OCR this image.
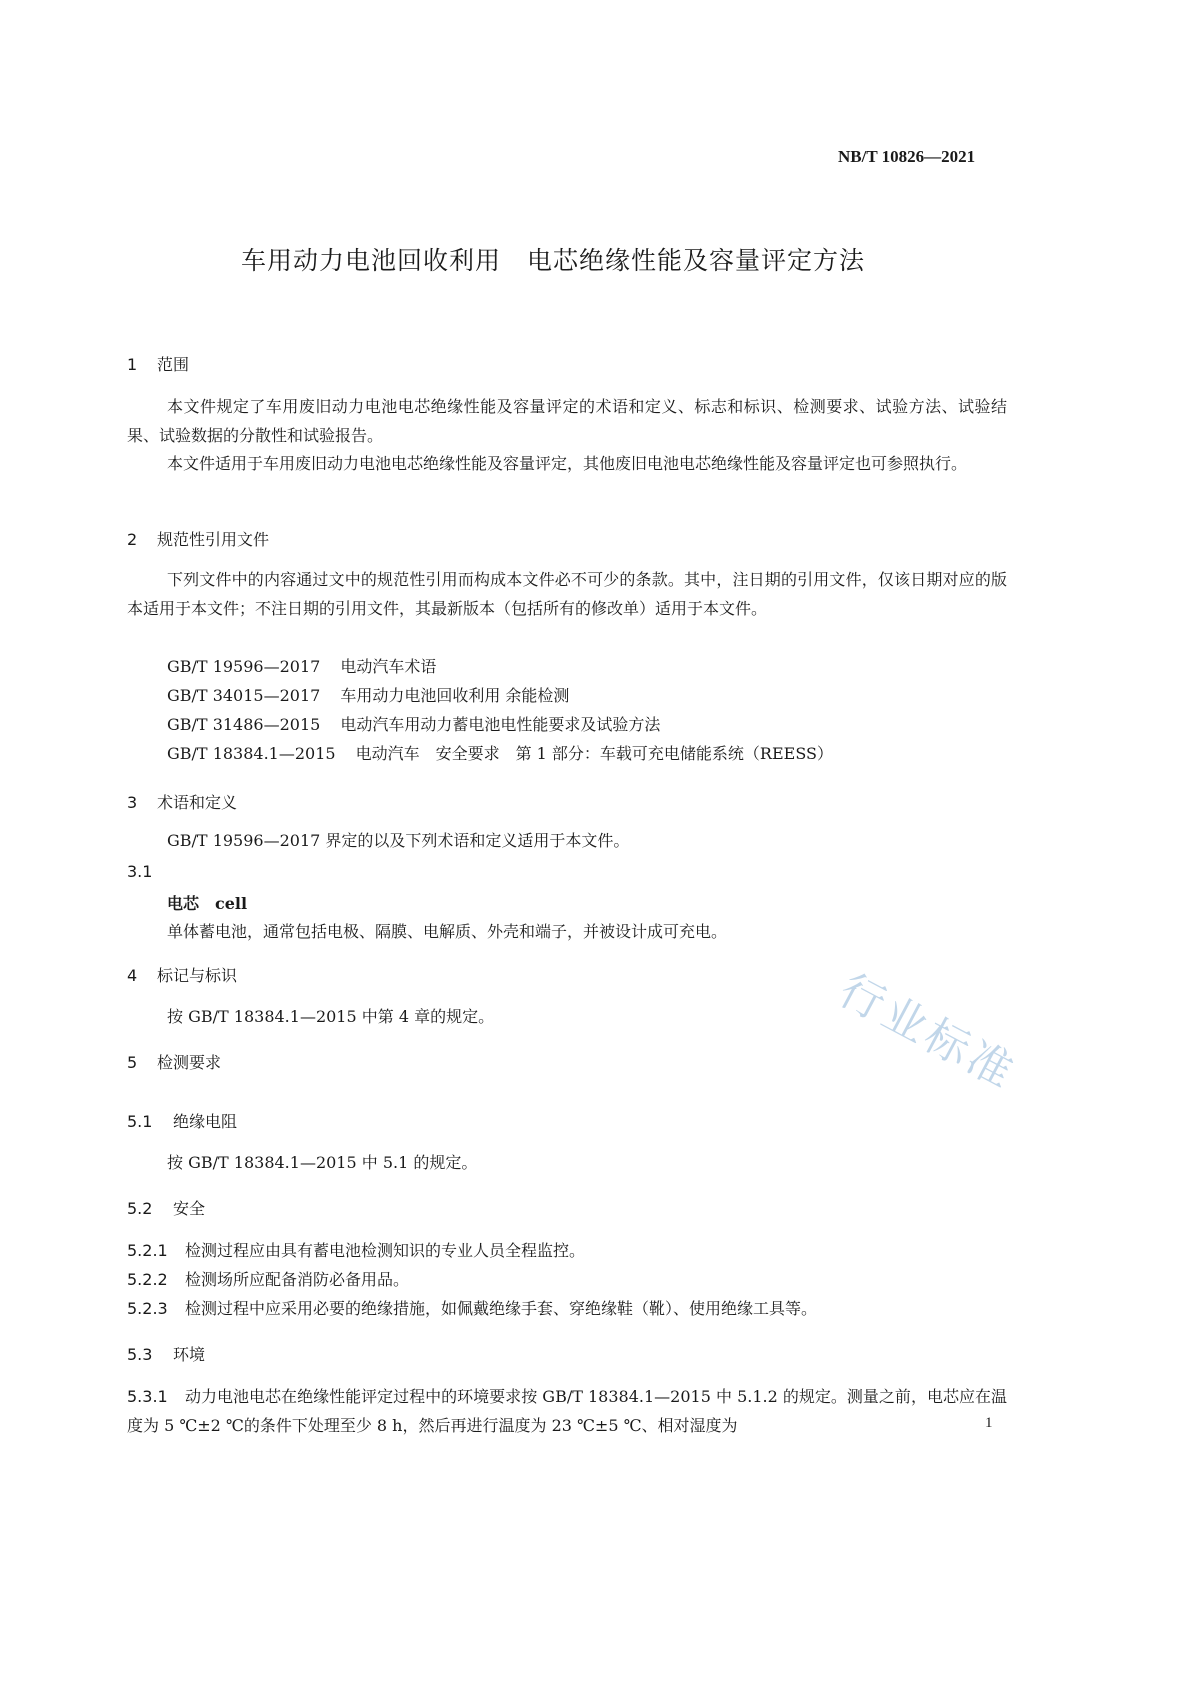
NB/T 10826—2021
车用动力电池回收利用　电芯绝缘性能及容量评定方法
1 范围
本文件规定了车用废旧动力电池电芯绝缘性能及容量评定的术语和定义、标志和标识、检测要求、试验方法、试验结果、试验数据的分散性和试验报告。
本文件适用于车用废旧动力电池电芯绝缘性能及容量评定，其他废旧电池电芯绝缘性能及容量评定也可参照执行。
2 规范性引用文件
下列文件中的内容通过文中的规范性引用而构成本文件必不可少的条款。其中，注日期的引用文件，仅该日期对应的版本适用于本文件；不注日期的引用文件，其最新版本（包括所有的修改单）适用于本文件。
GB/T 19596—2017 电动汽车术语
GB/T 34015—2017 车用动力电池回收利用 余能检测
GB/T 31486—2015 电动汽车用动力蓄电池电性能要求及试验方法
GB/T 18384.1—2015 电动汽车　安全要求　第 1 部分：车载可充电储能系统（REESS）
3 术语和定义
GB/T 19596—2017 界定的以及下列术语和定义适用于本文件。
3.1
电芯　cell
单体蓄电池，通常包括电极、隔膜、电解质、外壳和端子，并被设计成可充电。
4 标记与标识
按 GB/T 18384.1—2015 中第 4 章的规定。
5 检测要求
5.1 绝缘电阻
按 GB/T 18384.1—2015 中 5.1 的规定。
5.2 安全
5.2.1 检测过程应由具有蓄电池检测知识的专业人员全程监控。
5.2.2 检测场所应配备消防必备用品。
5.2.3 检测过程中应采用必要的绝缘措施，如佩戴绝缘手套、穿绝缘鞋（靴）、使用绝缘工具等。
5.3 环境
5.3.1 动力电池电芯在绝缘性能评定过程中的环境要求按 GB/T 18384.1—2015 中 5.1.2 的规定。测量之前，电芯应在温度为 5 ℃±2 ℃的条件下处理至少 8 h，然后再进行温度为 23 ℃±5 ℃、相对湿度为
行业标准
1
